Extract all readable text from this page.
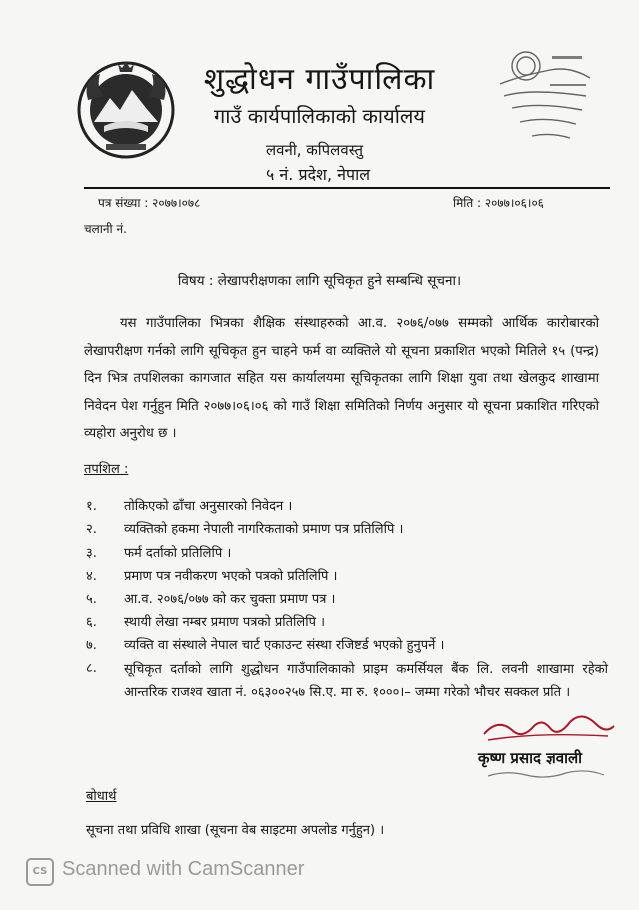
शुद्धोधन गाउँपालिका
गाउँ कार्यपालिकाको कार्यालय
लवनी, कपिलवस्तु
५ नं. प्रदेश, नेपाल
पत्र संख्या : २०७७।०७८	मिति : २०७७।०६।०६
चलानी नं.
विषय : लेखापरीक्षणका लागि सूचिकृत हुने सम्बन्धि सूचना।
यस गाउँपालिका भित्रका शैक्षिक संस्थाहरुको आ.व. २०७६/०७७ सम्मको आर्थिक कारोबारको लेखापरीक्षण गर्नको लागि सूचिकृत हुन चाहने फर्म वा व्यक्तिले यो सूचना प्रकाशित भएको मितिले १५ (पन्द्र) दिन भित्र तपशिलका कागजात सहित यस कार्यालयमा सूचिकृतका लागि शिक्षा युवा तथा खेलकुद शाखामा निवेदन पेश गर्नुहुन मिति २०७७।०६।०६ को गाउँ शिक्षा समितिको निर्णय अनुसार यो सूचना प्रकाशित गरिएको व्यहोरा अनुरोध छ ।
तपशिल :
१.	तोकिएको ढाँचा अनुसारको निवेदन ।
२.	व्यक्तिको हकमा नेपाली नागरिकताको प्रमाण पत्र प्रतिलिपि ।
३.	फर्म दर्ताको प्रतिलिपि ।
४.	प्रमाण पत्र नवीकरण भएको पत्रको प्रतिलिपि ।
५.	आ.व. २०७६/०७७ को कर चुक्ता प्रमाण पत्र ।
६.	स्थायी लेखा नम्बर प्रमाण पत्रको प्रतिलिपि ।
७.	व्यक्ति वा संस्थाले नेपाल चार्ट एकाउन्ट संस्था रजिष्टर्ड भएको हुनुपर्ने ।
८.	सूचिकृत दर्ताको लागि शुद्धोधन गाउँपालिकाको प्राइम कमर्सियल बैंक लि. लवनी शाखामा रहेको आन्तरिक राजश्व खाता नं. ०६३००२५७ सि.ए. मा रु. १०००।– जम्मा गरेको भौचर सक्कल प्रति ।
कृष्ण प्रसाद ज्ञवाली
बोधार्थ
सूचना तथा प्रविधि शाखा (सूचना वेब साइटमा अपलोड गर्नुहुन) ।
CS Scanned with CamScanner
